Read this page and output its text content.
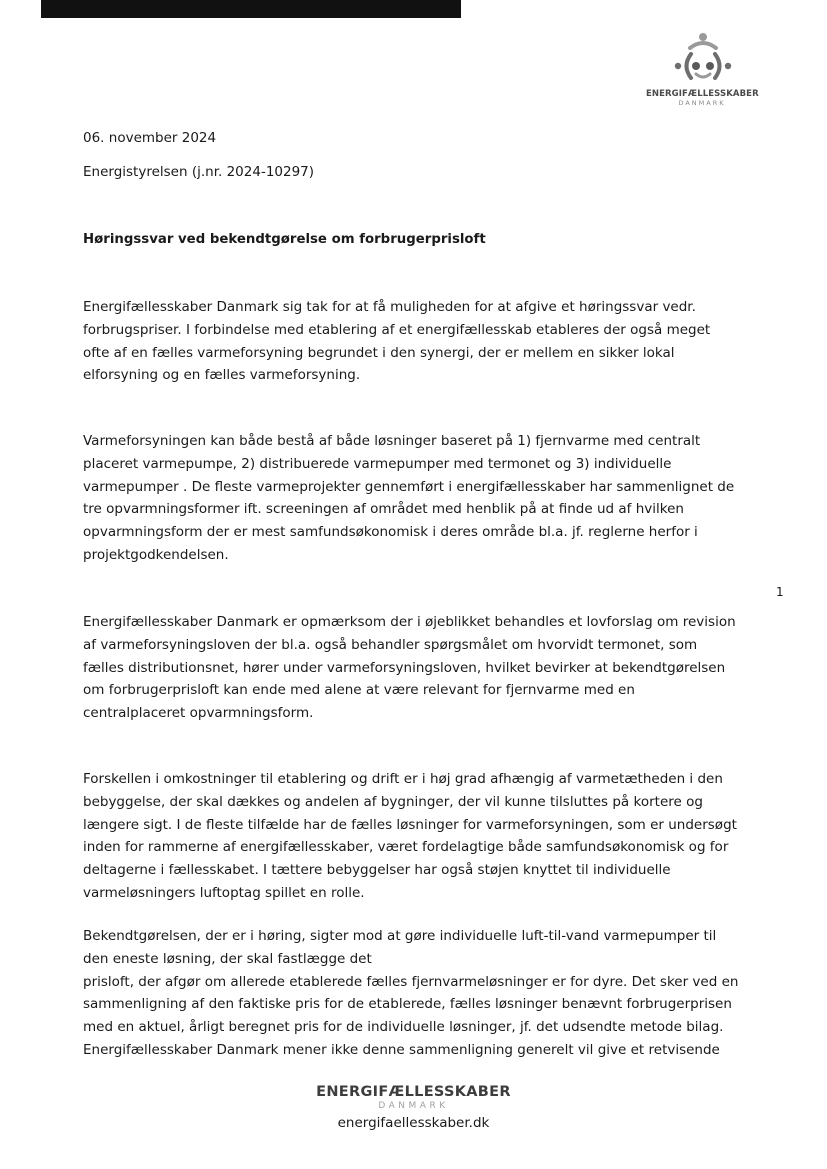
ENERGIFÆLLESSKABER
DANMARK

06. november 2024

Energistyrelsen (j.nr. 2024-10297)

Høringssvar ved bekendtgørelse om forbrugerprisloft

Energifællesskaber Danmark sig tak for at få muligheden for at afgive et høringssvar vedr.
forbrugspriser. I forbindelse med etablering af et energifællesskab etableres der også meget
ofte af en fælles varmeforsyning begrundet i den synergi, der er mellem en sikker lokal
elforsyning og en fælles varmeforsyning.
Varmeforsyningen kan både bestå af både løsninger baseret på 1) fjernvarme med centralt
placeret varmepumpe, 2) distribuerede varmepumper med termonet og 3) individuelle
varmepumper . De fleste varmeprojekter gennemført i energifællesskaber har sammenlignet de
tre opvarmningsformer ift. screeningen af området med henblik på at finde ud af hvilken
opvarmningsform der er mest samfundsøkonomisk i deres område bl.a. jf. reglerne herfor i
projektgodkendelsen.
1
Energifællesskaber Danmark er opmærksom der i øjeblikket behandles et lovforslag om revision
af varmeforsyningsloven der bl.a. også behandler spørgsmålet om hvorvidt termonet, som
fælles distributionsnet, hører under varmeforsyningsloven, hvilket bevirker at bekendtgørelsen
om forbrugerprisloft kan ende med alene at være relevant for fjernvarme med en
centralplaceret opvarmningsform.
Forskellen i omkostninger til etablering og drift er i høj grad afhængig af varmetætheden i den
bebyggelse, der skal dækkes og andelen af bygninger, der vil kunne tilsluttes på kortere og
længere sigt. I de fleste tilfælde har de fælles løsninger for varmeforsyningen, som er undersøgt
inden for rammerne af energifællesskaber, været fordelagtige både samfundsøkonomisk og for
deltagerne i fællesskabet. I tættere bebyggelser har også støjen knyttet til individuelle
varmeløsningers luftoptag spillet en rolle.
Bekendtgørelsen, der er i høring, sigter mod at gøre individuelle luft-til-vand varmepumper til
den eneste løsning, der skal fastlægge det
prisloft, der afgør om allerede etablerede fælles fjernvarmeløsninger er for dyre. Det sker ved en
sammenligning af den faktiske pris for de etablerede, fælles løsninger benævnt forbrugerprisen
med en aktuel, årligt beregnet pris for de individuelle løsninger, jf. det udsendte metode bilag.
Energifællesskaber Danmark mener ikke denne sammenligning generelt vil give et retvisende
ENERGIFÆLLESSKABER
DANMARK
energifaellesskaber.dk
